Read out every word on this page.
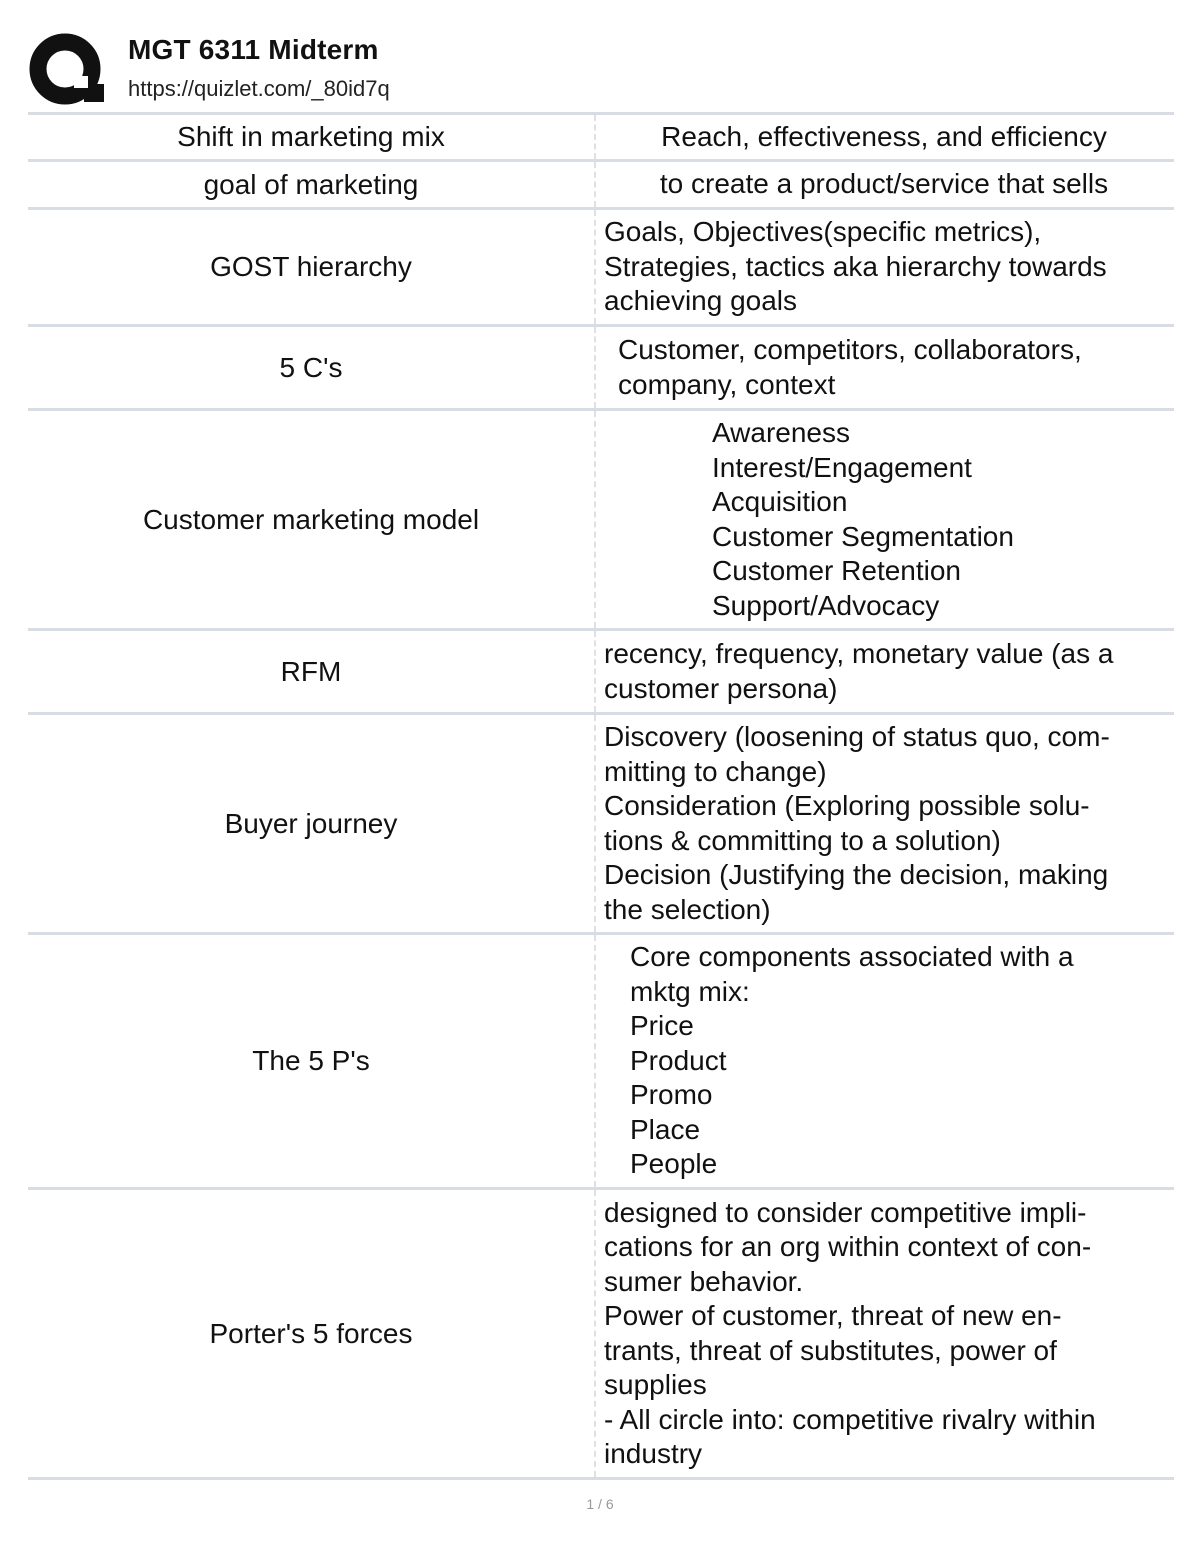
MGT 6311 Midterm
https://quizlet.com/_80id7q
Shift in marketing mix	Reach, effectiveness, and efficiency
goal of marketing	to create a product/service that sells
GOST hierarchy
Goals, Objectives(specific metrics),
Strategies, tactics aka hierarchy towards
achieving goals
5 C's
Customer, competitors, collaborators,
company, context
Customer marketing model
Awareness
Interest/Engagement
Acquisition
Customer Segmentation
Customer Retention
Support/Advocacy
RFM
recency, frequency, monetary value (as a
customer persona)
Buyer journey
Discovery (loosening of status quo, com-
mitting to change)
Consideration (Exploring possible solu-
tions & committing to a solution)
Decision (Justifying the decision, making
the selection)
The 5 P's
Core components associated with a
mktg mix:
Price
Product
Promo
Place
People
Porter's 5 forces
designed to consider competitive impli-
cations for an org within context of con-
sumer behavior.
Power of customer, threat of new en-
trants, threat of substitutes, power of
supplies
- All circle into: competitive rivalry within
industry
1 / 6
